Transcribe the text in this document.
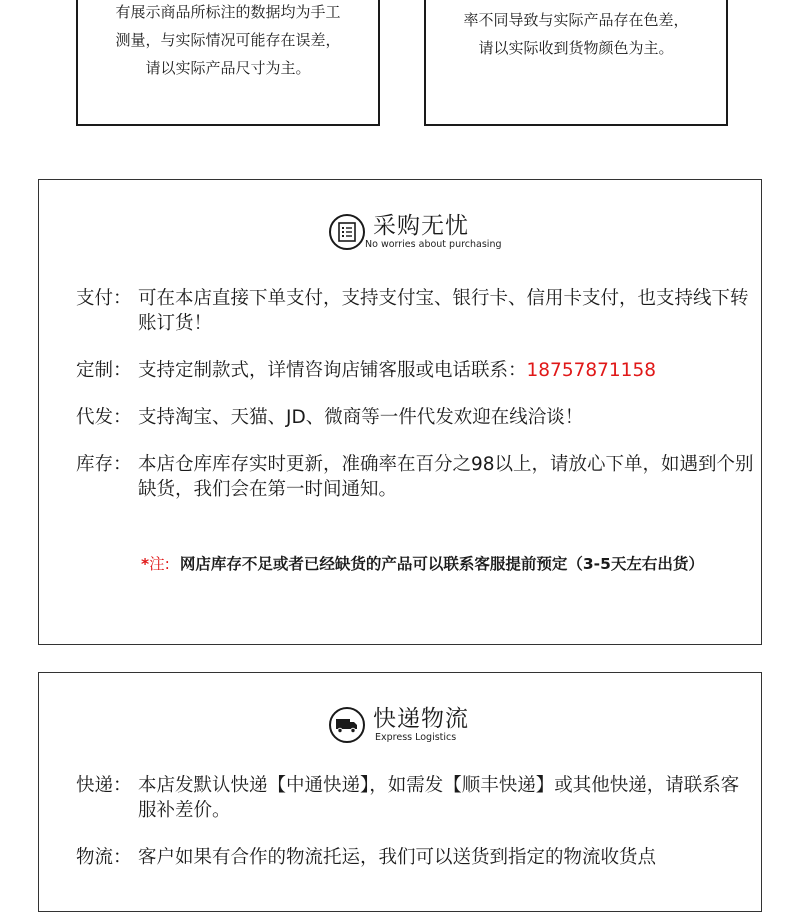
有展示商品所标注的数据均为手工
测量，与实际情况可能存在误差，
请以实际产品尺寸为主。
率不同导致与实际产品存在色差，
请以实际收到货物颜色为主。
采购无忧
No worries about purchasing
支付： 可在本店直接下单支付，支持支付宝、银行卡、信用卡支付，也支持线下转账订货！
定制： 支持定制款式，详情咨询店铺客服或电话联系：18757871158
代发： 支持淘宝、天猫、JD、微商等一件代发欢迎在线洽谈！
库存： 本店仓库库存实时更新，准确率在百分之98以上，请放心下单，如遇到个别缺货，我们会在第一时间通知。
*注: 网店库存不足或者已经缺货的产品可以联系客服提前预定（3-5天左右出货）
快递物流
Express Logistics
快递： 本店发默认快递【中通快递】，如需发【顺丰快递】或其他快递，请联系客服补差价。
物流： 客户如果有合作的物流托运，我们可以送货到指定的物流收货点
